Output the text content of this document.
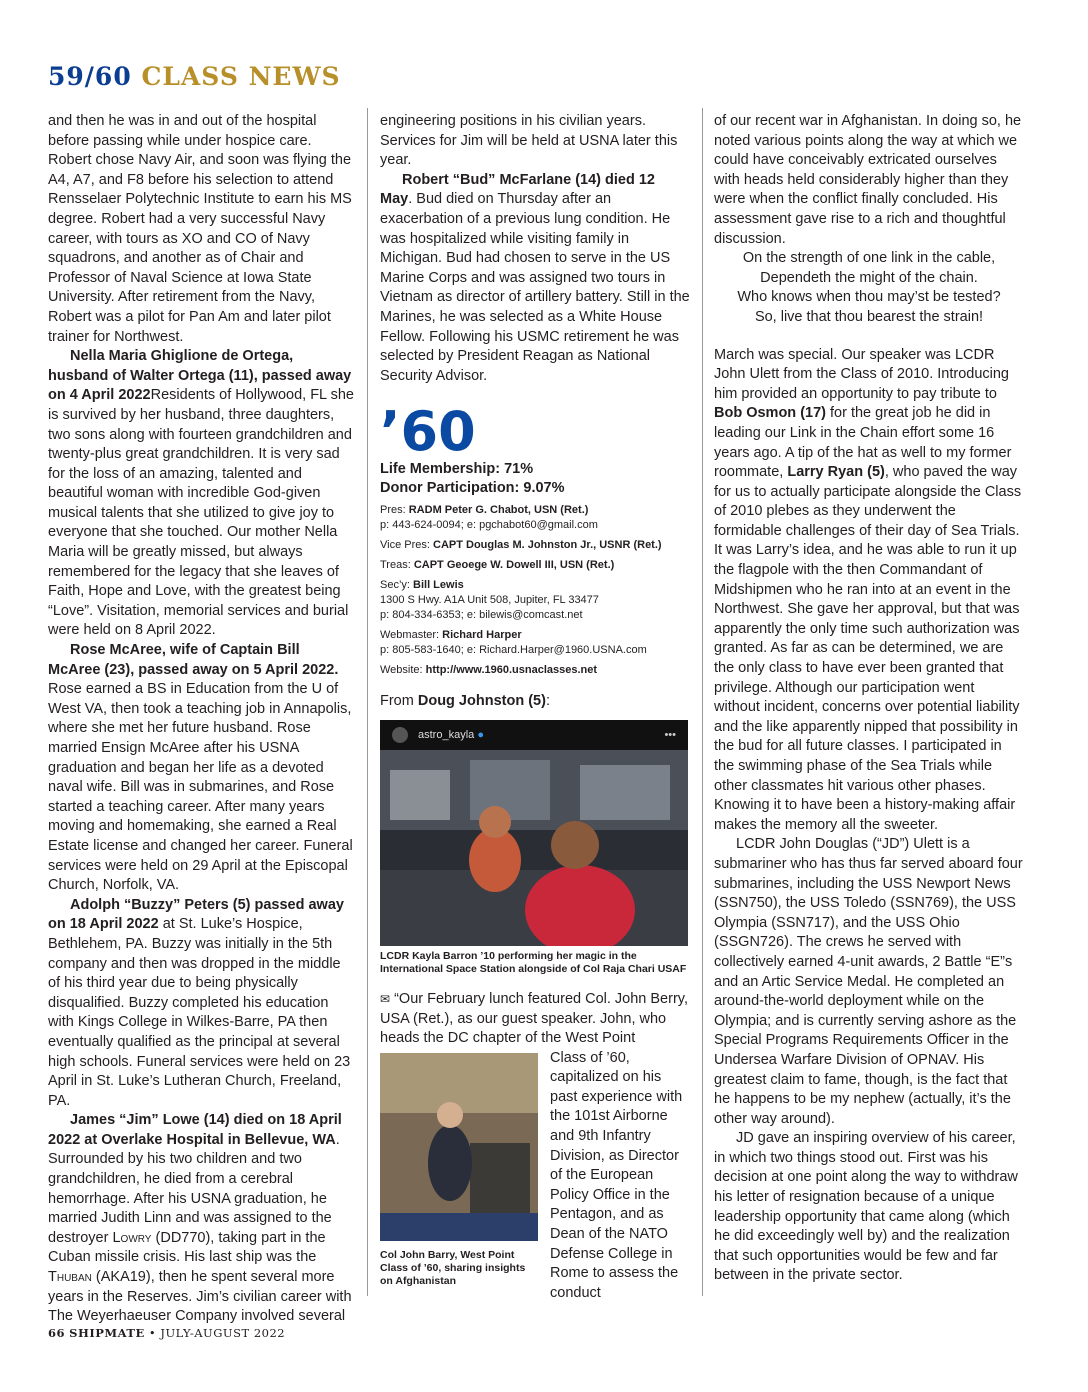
59/60 CLASS NEWS

and then he was in and out of the hospital before passing while under hospice care. Robert chose Navy Air, and soon was flying the A4, A7, and F8 before his selection to attend Rensselaer Polytechnic Institute to earn his MS degree. Robert had a very successful Navy career, with tours as XO and CO of Navy squadrons, and another as of Chair and Professor of Naval Science at Iowa State University. After retirement from the Navy, Robert was a pilot for Pan Am and later pilot trainer for Northwest.

Nella Maria Ghiglione de Ortega, husband of Walter Ortega (11), passed away on 4 April 2022Residents of Hollywood, FL she is survived by her husband, three daughters, two sons along with fourteen grandchildren and twenty-plus great grandchildren. It is very sad for the loss of an amazing, talented and beautiful woman with incredible God-given musical talents that she utilized to give joy to everyone that she touched. Our mother Nella Maria will be greatly missed, but always remembered for the legacy that she leaves of Faith, Hope and Love, with the greatest being “Love”. Visitation, memorial services and burial were held on 8 April 2022.

Rose McAree, wife of Captain Bill McAree (23), passed away on 5 April 2022. Rose earned a BS in Education from the U of West VA, then took a teaching job in Annapolis, where she met her future husband. Rose married Ensign McAree after his USNA graduation and began her life as a devoted naval wife. Bill was in submarines, and Rose started a teaching career. After many years moving and homemaking, she earned a Real Estate license and changed her career. Funeral services were held on 29 April at the Episcopal Church, Norfolk, VA.

Adolph “Buzzy” Peters (5) passed away on 18 April 2022 at St. Luke’s Hospice, Bethlehem, PA. Buzzy was initially in the 5th company and then was dropped in the middle of his third year due to being physically disqualified. Buzzy completed his education with Kings College in Wilkes-Barre, PA then eventually qualified as the principal at several high schools. Funeral services were held on 23 April in St. Luke’s Lutheran Church, Freeland, PA.

James “Jim” Lowe (14) died on 18 April 2022 at Overlake Hospital in Bellevue, WA. Surrounded by his two children and two grandchildren, he died from a cerebral hemorrhage. After his USNA graduation, he married Judith Linn and was assigned to the destroyer Lowry (DD770), taking part in the Cuban missile crisis. His last ship was the Thuban (AKA19), then he spent several more years in the Reserves. Jim’s civilian career with The Weyerhaeuser Company involved several

engineering positions in his civilian years. Services for Jim will be held at USNA later this year.

Robert “Bud” McFarlane (14) died 12 May. Bud died on Thursday after an exacerbation of a previous lung condition. He was hospitalized while visiting family in Michigan. Bud had chosen to serve in the US Marine Corps and was assigned two tours in Vietnam as director of artillery battery. Still in the Marines, he was selected as a White House Fellow. Following his USMC retirement he was selected by President Reagan as National Security Advisor.

’60
Life Membership: 71%
Donor Participation: 9.07%
Pres: RADM Peter G. Chabot, USN (Ret.)
p: 443-624-0094; e: pgchabot60@gmail.com
Vice Pres: CAPT Douglas M. Johnston Jr., USNR (Ret.)
Treas: CAPT Geoege W. Dowell III, USN (Ret.)
Sec’y: Bill Lewis
1300 S Hwy. A1A Unit 508, Jupiter, FL 33477
p: 804-334-6353; e: bilewis@comcast.net
Webmaster: Richard Harper
p: 805-583-1640; e: Richard.Harper@1960.USNA.com
Website: http://www.1960.usnaclasses.net

From Doug Johnston (5):

astro_kayla ●	•••
LCDR Kayla Barron ’10 performing her magic in the International Space Station alongside of Col Raja Chari USAF

✉ “Our February lunch featured Col. John Berry, USA (Ret.), as our guest speaker. John, who heads the DC chapter of the West Point

Class of ’60, capitalized on his past experience with the 101st Airborne and 9th Infantry Division, as Director of the European Policy Office in the Pentagon, and as Dean of the NATO Defense College in Rome to assess the conduct
Col John Barry, West Point Class of ’60, sharing insights on Afghanistan

of our recent war in Afghanistan. In doing so, he noted various points along the way at which we could have conceivably extricated ourselves with heads held considerably higher than they were when the conflict finally concluded. His assessment gave rise to a rich and thoughtful discussion.

On the strength of one link in the cable,

Dependeth the might of the chain.

Who knows when thou may’st be tested?

So, live that thou bearest the strain!

March was special. Our speaker was LCDR John Ulett from the Class of 2010. Introducing him provided an opportunity to pay tribute to Bob Osmon (17) for the great job he did in leading our Link in the Chain effort some 16 years ago. A tip of the hat as well to my former roommate, Larry Ryan (5), who paved the way for us to actually participate alongside the Class of 2010 plebes as they underwent the formidable challenges of their day of Sea Trials. It was Larry’s idea, and he was able to run it up the flagpole with the then Commandant of Midshipmen who he ran into at an event in the Northwest. She gave her approval, but that was apparently the only time such authorization was granted. As far as can be determined, we are the only class to have ever been granted that privilege. Although our participation went without incident, concerns over potential liability and the like apparently nipped that possibility in the bud for all future classes. I participated in the swimming phase of the Sea Trials while other classmates hit various other phases. Knowing it to have been a history-making affair makes the memory all the sweeter.

LCDR John Douglas (“JD”) Ulett is a submariner who has thus far served aboard four submarines, including the USS Newport News (SSN750), the USS Toledo (SSN769), the USS Olympia (SSN717), and the USS Ohio (SSGN726). The crews he served with collectively earned 4-unit awards, 2 Battle “E”s and an Artic Service Medal. He completed an around-the-world deployment while on the Olympia; and is currently serving ashore as the Special Programs Requirements Officer in the Undersea Warfare Division of OPNAV. His greatest claim to fame, though, is the fact that he happens to be my nephew (actually, it’s the other way around).

JD gave an inspiring overview of his career, in which two things stood out. First was his decision at one point along the way to withdraw his letter of resignation because of a unique leadership opportunity that came along (which he did exceedingly well by) and the realization that such opportunities would be few and far between in the private sector.

66 SHIPMATE • JULY-AUGUST 2022
